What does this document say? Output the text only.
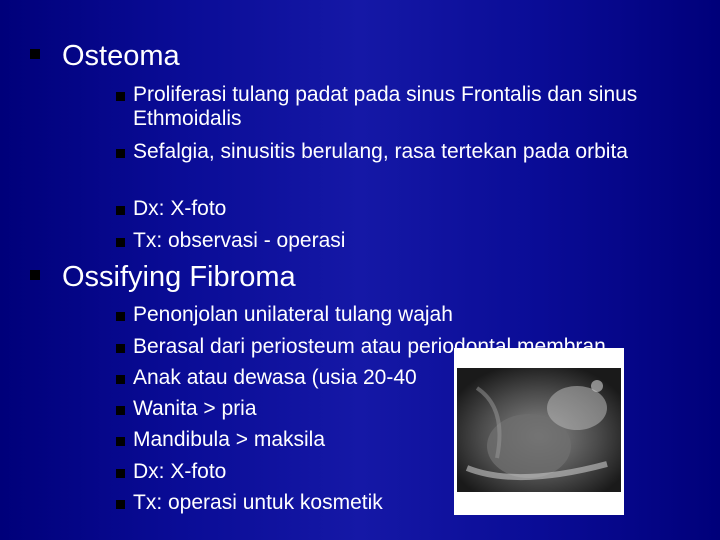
Osteoma
Proliferasi tulang padat pada sinus Frontalis dan sinus Ethmoidalis
Sefalgia, sinusitis berulang, rasa tertekan pada orbita
Dx: X-foto
Tx: observasi - operasi
Ossifying Fibroma
Penonjolan unilateral tulang wajah
Berasal dari periosteum atau periodontal membran
Anak atau dewasa (usia 20-40
Wanita > pria
Mandibula > maksila
Dx: X-foto
Tx: operasi untuk kosmetik
